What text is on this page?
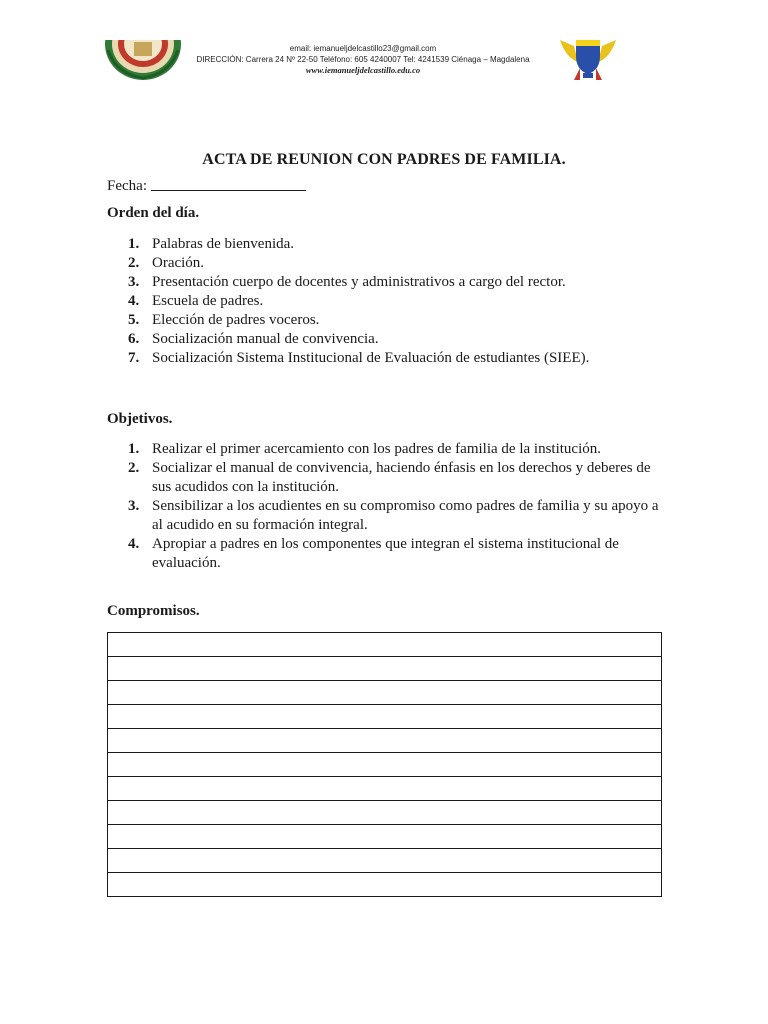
email: iemanueljdelcastillo23@gmail.com
DIRECCIÓN: Carrera 24 Nº 22-50 Teléfono: 605 4240007 Tel: 4241539 Ciénaga – Magdalena
www.iemanueljdelcastillo.edu.co
ACTA DE REUNION CON PADRES DE FAMILIA.
Fecha:
Orden del día.
1. Palabras de bienvenida.
2. Oración.
3. Presentación cuerpo de docentes y administrativos a cargo del rector.
4. Escuela de padres.
5. Elección de padres voceros.
6. Socialización manual de convivencia.
7. Socialización Sistema Institucional de Evaluación de estudiantes (SIEE).
Objetivos.
1. Realizar el primer acercamiento con los padres de familia de la institución.
2. Socializar el manual de convivencia, haciendo énfasis en los derechos y deberes de sus acudidos con la institución.
3. Sensibilizar a los acudientes en su compromiso como padres de familia y su apoyo a al acudido en su formación integral.
4. Apropiar a padres en los componentes que integran el sistema institucional de evaluación.
Compromisos.
